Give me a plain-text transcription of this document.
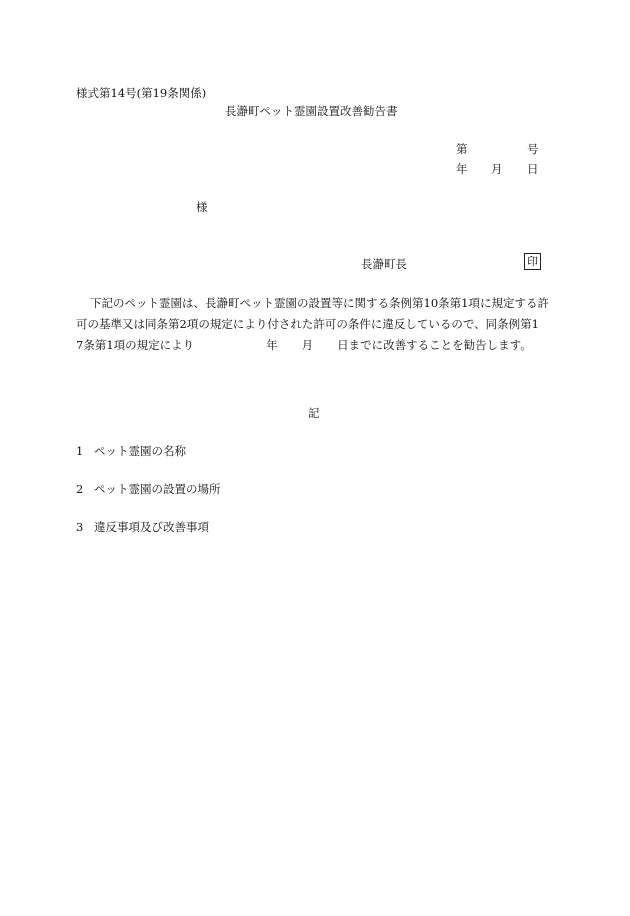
様式第14号(第19条関係)

長瀞町ペット霊園設置改善勧告書

第	号

年 月 日

様

長瀞町長	印

下記のペット霊園は、長瀞町ペット霊園の設置等に関する条例第10条第1項に規定する許

可の基準又は同条第2項の規定により付された許可の条件に違反しているので、同条例第1

7条第1項の規定により	年 月 日までに改善することを勧告します。

記

1 ペット霊園の名称

2 ペット霊園の設置の場所

3 違反事項及び改善事項
